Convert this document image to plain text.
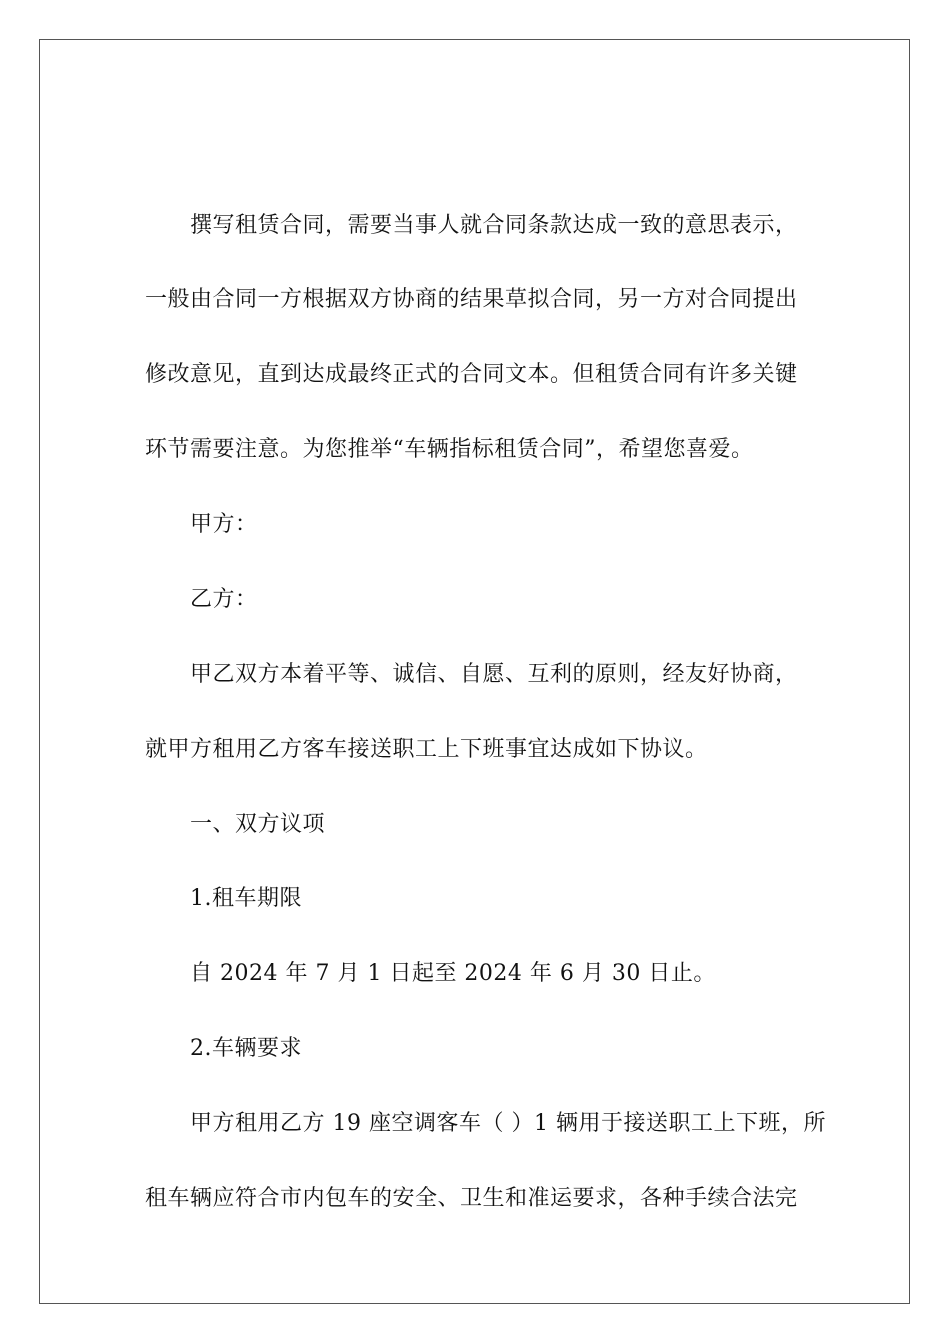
撰写租赁合同，需要当事人就合同条款达成一致的意思表示，
一般由合同一方根据双方协商的结果草拟合同，另一方对合同提出
修改意见，直到达成最终正式的合同文本。但租赁合同有许多关键
环节需要注意。为您推举“车辆指标租赁合同”，希望您喜爱。
甲方：
乙方：
甲乙双方本着平等、诚信、自愿、互利的原则，经友好协商，
就甲方租用乙方客车接送职工上下班事宜达成如下协议。
一、双方议项
1.租车期限
自 2024 年 7 月 1 日起至 2024 年 6 月 30 日止。
2.车辆要求
甲方租用乙方 19 座空调客车（ ）1 辆用于接送职工上下班，所
租车辆应符合市内包车的安全、卫生和准运要求，各种手续合法完
